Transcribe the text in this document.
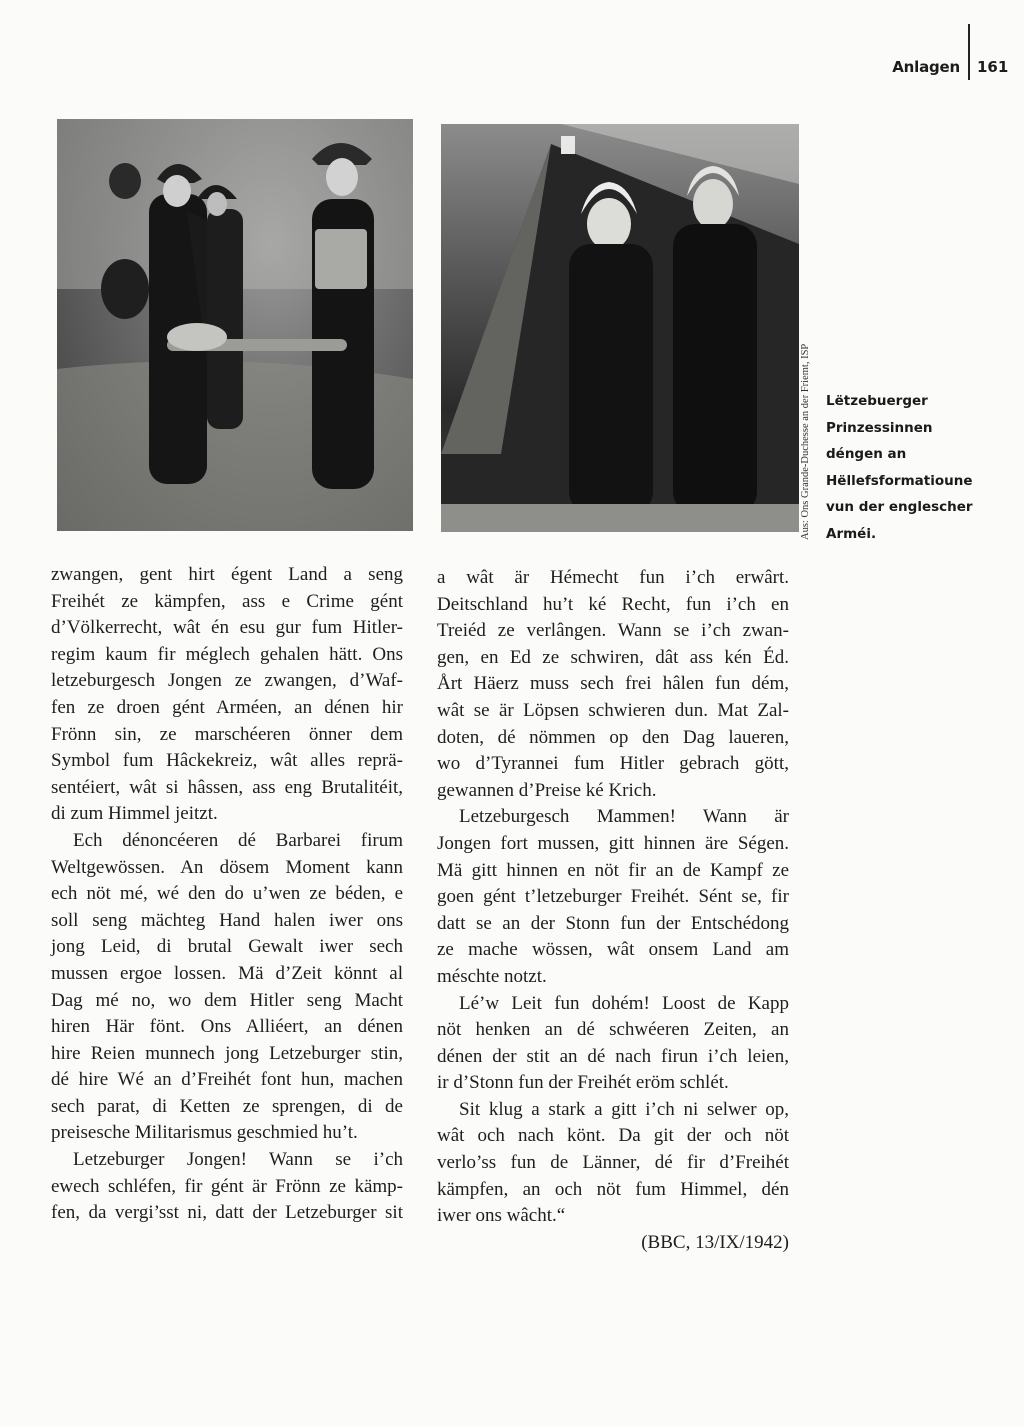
Anlagen 161
Aus: Ons Grande-Duchesse an der Friemt, ISP	Lëtzebuerger
Prinzessinnen
déngen an
Hëllefsformatioune
vun der englescher
Arméi.
zwangen, gent hirt égent Land a seng
Freihét ze kämpfen, ass e Crime gént
d’Völkerrecht, wât én esu gur fum Hitler-
regim kaum fir méglech gehalen hätt. Ons
letzeburgesch Jongen ze zwangen, d’Waf-
fen ze droen gént Arméen, an dénen hir
Frönn sin, ze marschéeren önner dem
Symbol fum Hâckekreiz, wât alles reprä-
sentéiert, wât si hâssen, ass eng Brutalitéit,
di zum Himmel jeitzt.
Ech dénoncéeren dé Barbarei firum
Weltgewössen. An dösem Moment kann
ech nöt mé, wé den do u’wen ze béden, e
soll seng mächteg Hand halen iwer ons
jong Leid, di brutal Gewalt iwer sech
mussen ergoe lossen. Mä d’Zeit könnt al
Dag mé no, wo dem Hitler seng Macht
hiren Här fönt. Ons Alliéert, an dénen
hire Reien munnech jong Letzeburger stin,
dé hire Wé an d’Freihét font hun, machen
sech parat, di Ketten ze sprengen, di de
preisesche Militarismus geschmied hu’t.
Letzeburger Jongen! Wann se i’ch
ewech schléfen, fir gént är Frönn ze kämp-
fen, da vergi’sst ni, datt der Letzeburger sit
a wât är Hémecht fun i’ch erwârt.
Deitschland hu’t ké Recht, fun i’ch en
Treiéd ze verlângen. Wann se i’ch zwan-
gen, en Ed ze schwiren, dât ass kén Éd.
Årt Häerz muss sech frei hâlen fun dém,
wât se är Löpsen schwieren dun. Mat Zal-
doten, dé nömmen op den Dag laueren,
wo d’Tyrannei fum Hitler gebrach gött,
gewannen d’Preise ké Krich.
Letzeburgesch Mammen! Wann är
Jongen fort mussen, gitt hinnen äre Ségen.
Mä gitt hinnen en nöt fir an de Kampf ze
goen gént t’letzeburger Freihét. Sént se, fir
datt se an der Stonn fun der Entschédong
ze mache wössen, wât onsem Land am
méschte notzt.
Lé’w Leit fun dohém! Loost de Kapp
nöt henken an dé schwéeren Zeiten, an
dénen der stit an dé nach firun i’ch leien,
ir d’Stonn fun der Freihét eröm schlét.
Sit klug a stark a gitt i’ch ni selwer op,
wât och nach könt. Da git der och nöt
verlo’ss fun de Länner, dé fir d’Freihét
kämpfen, an och nöt fum Himmel, dén
iwer ons wâcht.“
(BBC, 13/IX/1942)
